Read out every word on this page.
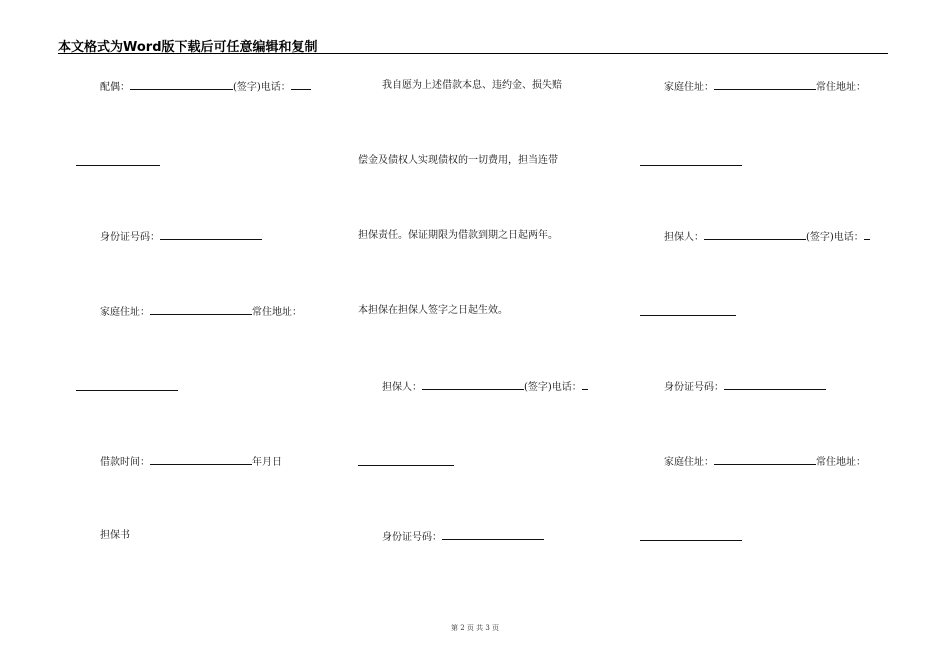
本文格式为Word版下载后可任意编辑和复制
配偶：	(签字)电话：
身份证号码：
家庭住址：	常住地址：
借款时间：	年月日
担保书
我自愿为上述借款本息、违约金、损失赔
偿金及债权人实现债权的一切费用，担当连带
担保责任。保证期限为借款到期之日起两年。
本担保在担保人签字之日起生效。
担保人：	(签字)电话：
身份证号码：
家庭住址：	常住地址：
担保人：	(签字)电话：
身份证号码：
家庭住址：	常住地址：
第 2 页 共 3 页
